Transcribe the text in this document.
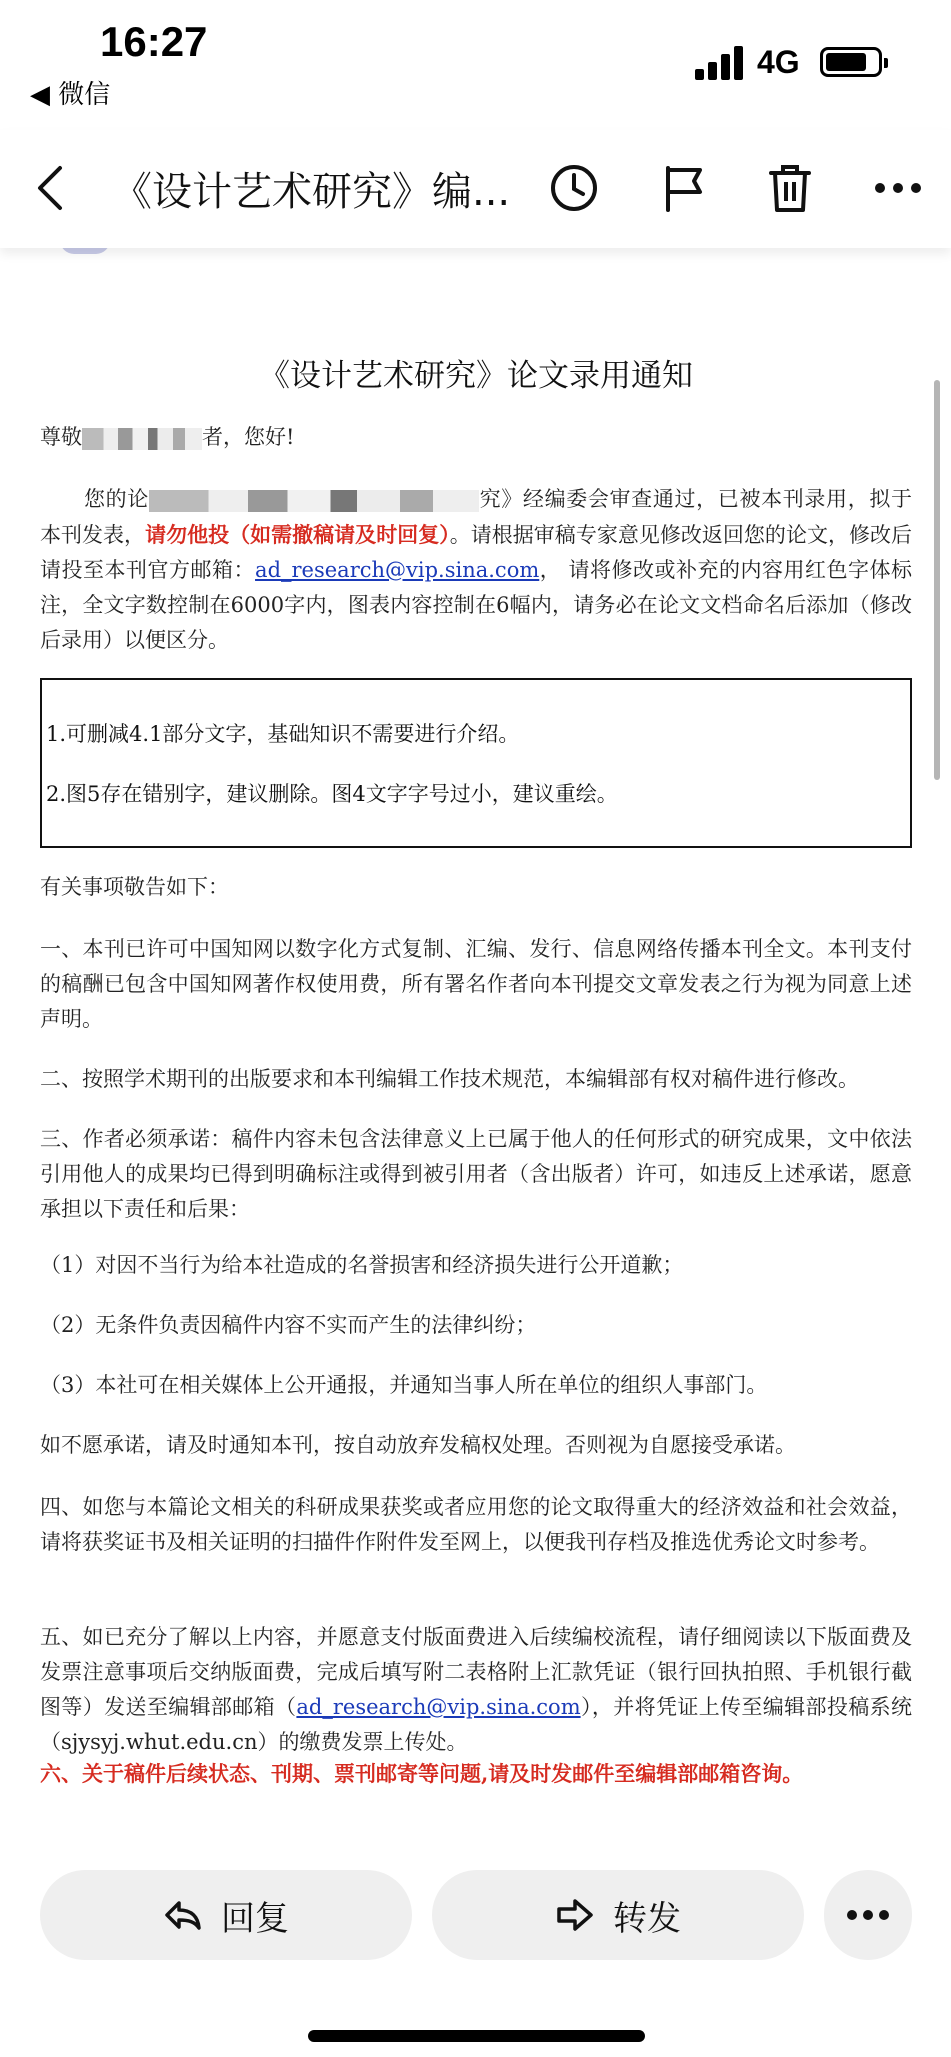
16:27
◀ 微信
4G
《设计艺术研究》编...
《设计艺术研究》论文录用通知
尊敬	者，您好!
您的论	究》经编委会审查通过，已被本刊录用，拟于本刊发表，请勿他投（如需撤稿请及时回复）。请根据审稿专家意见修改返回您的论文，修改后请投至本刊官方邮箱：ad_research@vip.sina.com， 请将修改或补充的内容用红色字体标注，全文字数控制在6000字内，图表内容控制在6幅内，请务必在论文文档命名后添加（修改后录用）以便区分。
1.可删减4.1部分文字，基础知识不需要进行介绍。
2.图5存在错别字，建议删除。图4文字字号过小，建议重绘。
有关事项敬告如下：
一、本刊已许可中国知网以数字化方式复制、汇编、发行、信息网络传播本刊全文。本刊支付的稿酬已包含中国知网著作权使用费，所有署名作者向本刊提交文章发表之行为视为同意上述声明。
二、按照学术期刊的出版要求和本刊编辑工作技术规范，本编辑部有权对稿件进行修改。
三、作者必须承诺：稿件内容未包含法律意义上已属于他人的任何形式的研究成果，文中依法引用他人的成果均已得到明确标注或得到被引用者（含出版者）许可，如违反上述承诺，愿意承担以下责任和后果：
（1）对因不当行为给本社造成的名誉损害和经济损失进行公开道歉；
（2）无条件负责因稿件内容不实而产生的法律纠纷；
（3）本社可在相关媒体上公开通报，并通知当事人所在单位的组织人事部门。
如不愿承诺，请及时通知本刊，按自动放弃发稿权处理。否则视为自愿接受承诺。
四、如您与本篇论文相关的科研成果获奖或者应用您的论文取得重大的经济效益和社会效益，请将获奖证书及相关证明的扫描件作附件发至网上，以便我刊存档及推选优秀论文时参考。
五、如已充分了解以上内容，并愿意支付版面费进入后续编校流程，请仔细阅读以下版面费及发票注意事项后交纳版面费，完成后填写附二表格附上汇款凭证（银行回执拍照、手机银行截图等）发送至编辑部邮箱（ad_research@vip.sina.com），并将凭证上传至编辑部投稿系统（sjysyj.whut.edu.cn）的缴费发票上传处。
六、关于稿件后续状态、刊期、票刊邮寄等问题,请及时发邮件至编辑部邮箱咨询。
回复	转发
